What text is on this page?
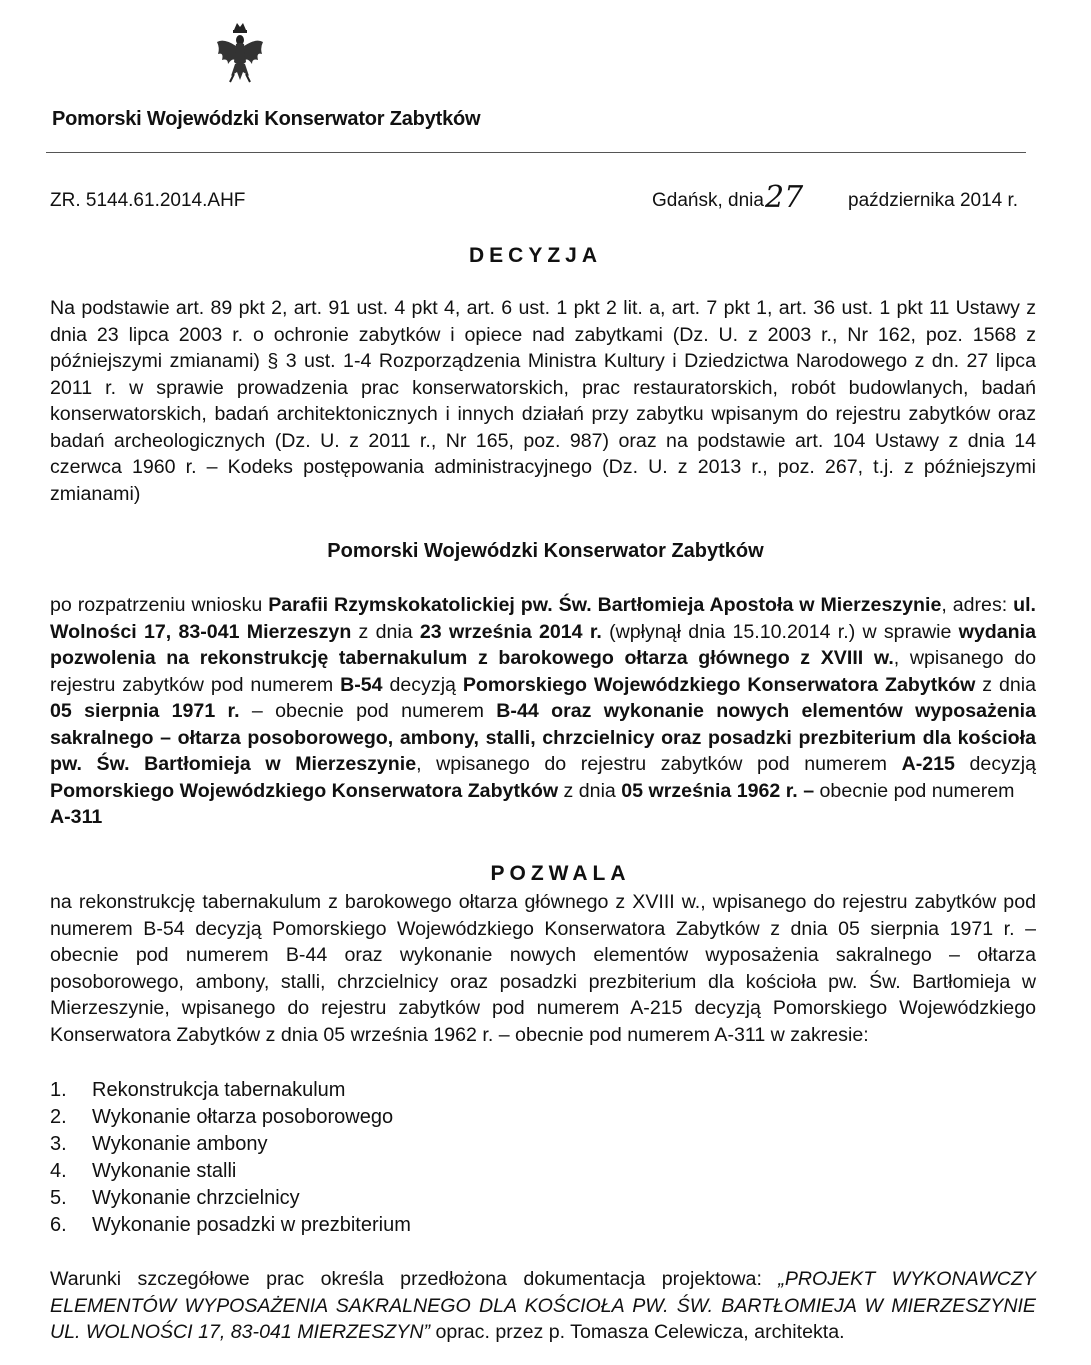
Pomorski Wojewódzki Konserwator Zabytków
ZR. 5144.61.2014.AHF	Gdańsk, dnia 27 października 2014 r.
DECYZJA

Na podstawie art. 89 pkt 2, art. 91 ust. 4 pkt 4, art. 6 ust. 1 pkt 2 lit. a, art. 7 pkt 1, art. 36 ust. 1 pkt 11 Ustawy z dnia 23 lipca 2003 r. o ochronie zabytków i opiece nad zabytkami (Dz. U. z 2003 r., Nr 162, poz. 1568 z późniejszymi zmianami) § 3 ust. 1-4 Rozporządzenia Ministra Kultury i Dziedzictwa Narodowego z dn. 27 lipca 2011 r. w sprawie prowadzenia prac konserwatorskich, prac restauratorskich, robót budowlanych, badań konserwatorskich, badań architektonicznych i innych działań przy zabytku wpisanym do rejestru zabytków oraz badań archeologicznych (Dz. U. z 2011 r., Nr 165, poz. 987) oraz na podstawie art. 104 Ustawy z dnia 14 czerwca 1960 r. – Kodeks postępowania administracyjnego (Dz. U. z 2013 r., poz. 267, t.j. z późniejszymi zmianami)

Pomorski Wojewódzki Konserwator Zabytków

po rozpatrzeniu wniosku Parafii Rzymskokatolickiej pw. Św. Bartłomieja Apostoła w Mierzeszynie, adres: ul. Wolności 17, 83-041 Mierzeszyn z dnia 23 września 2014 r. (wpłynął dnia 15.10.2014 r.) w sprawie wydania pozwolenia na rekonstrukcję tabernakulum z barokowego ołtarza głównego z XVIII w., wpisanego do rejestru zabytków pod numerem B-54 decyzją Pomorskiego Wojewódzkiego Konserwatora Zabytków z dnia 05 sierpnia 1971 r. – obecnie pod numerem B-44 oraz wykonanie nowych elementów wyposażenia sakralnego – ołtarza posoborowego, ambony, stalli, chrzcielnicy oraz posadzki prezbiterium dla kościoła pw. Św. Bartłomieja w Mierzeszynie, wpisanego do rejestru zabytków pod numerem A-215 decyzją Pomorskiego Wojewódzkiego Konserwatora Zabytków z dnia 05 września 1962 r. – obecnie pod numerem
A-311

POZWALA

na rekonstrukcję tabernakulum z barokowego ołtarza głównego z XVIII w., wpisanego do rejestru zabytków pod numerem B-54 decyzją Pomorskiego Wojewódzkiego Konserwatora Zabytków z dnia 05 sierpnia 1971 r. – obecnie pod numerem B-44 oraz wykonanie nowych elementów wyposażenia sakralnego – ołtarza posoborowego, ambony, stalli, chrzcielnicy oraz posadzki prezbiterium dla kościoła pw. Św. Bartłomieja w Mierzeszynie, wpisanego do rejestru zabytków pod numerem A-215 decyzją Pomorskiego Wojewódzkiego Konserwatora Zabytków z dnia 05 września 1962 r. – obecnie pod numerem A-311 w zakresie:

1.	Rekonstrukcja tabernakulum
2.	Wykonanie ołtarza posoborowego
3.	Wykonanie ambony
4.	Wykonanie stalli
5.	Wykonanie chrzcielnicy
6.	Wykonanie posadzki w prezbiterium

Warunki szczegółowe prac określa przedłożona dokumentacja projektowa: „PROJEKT WYKONAWCZY ELEMENTÓW WYPOSAŻENIA SAKRALNEGO DLA KOŚCIOŁA PW. ŚW. BARTŁOMIEJA W MIERZESZYNIE UL. WOLNOŚCI 17, 83-041 MIERZESZYN” oprac. przez p. Tomasza Celewicza, architekta.
